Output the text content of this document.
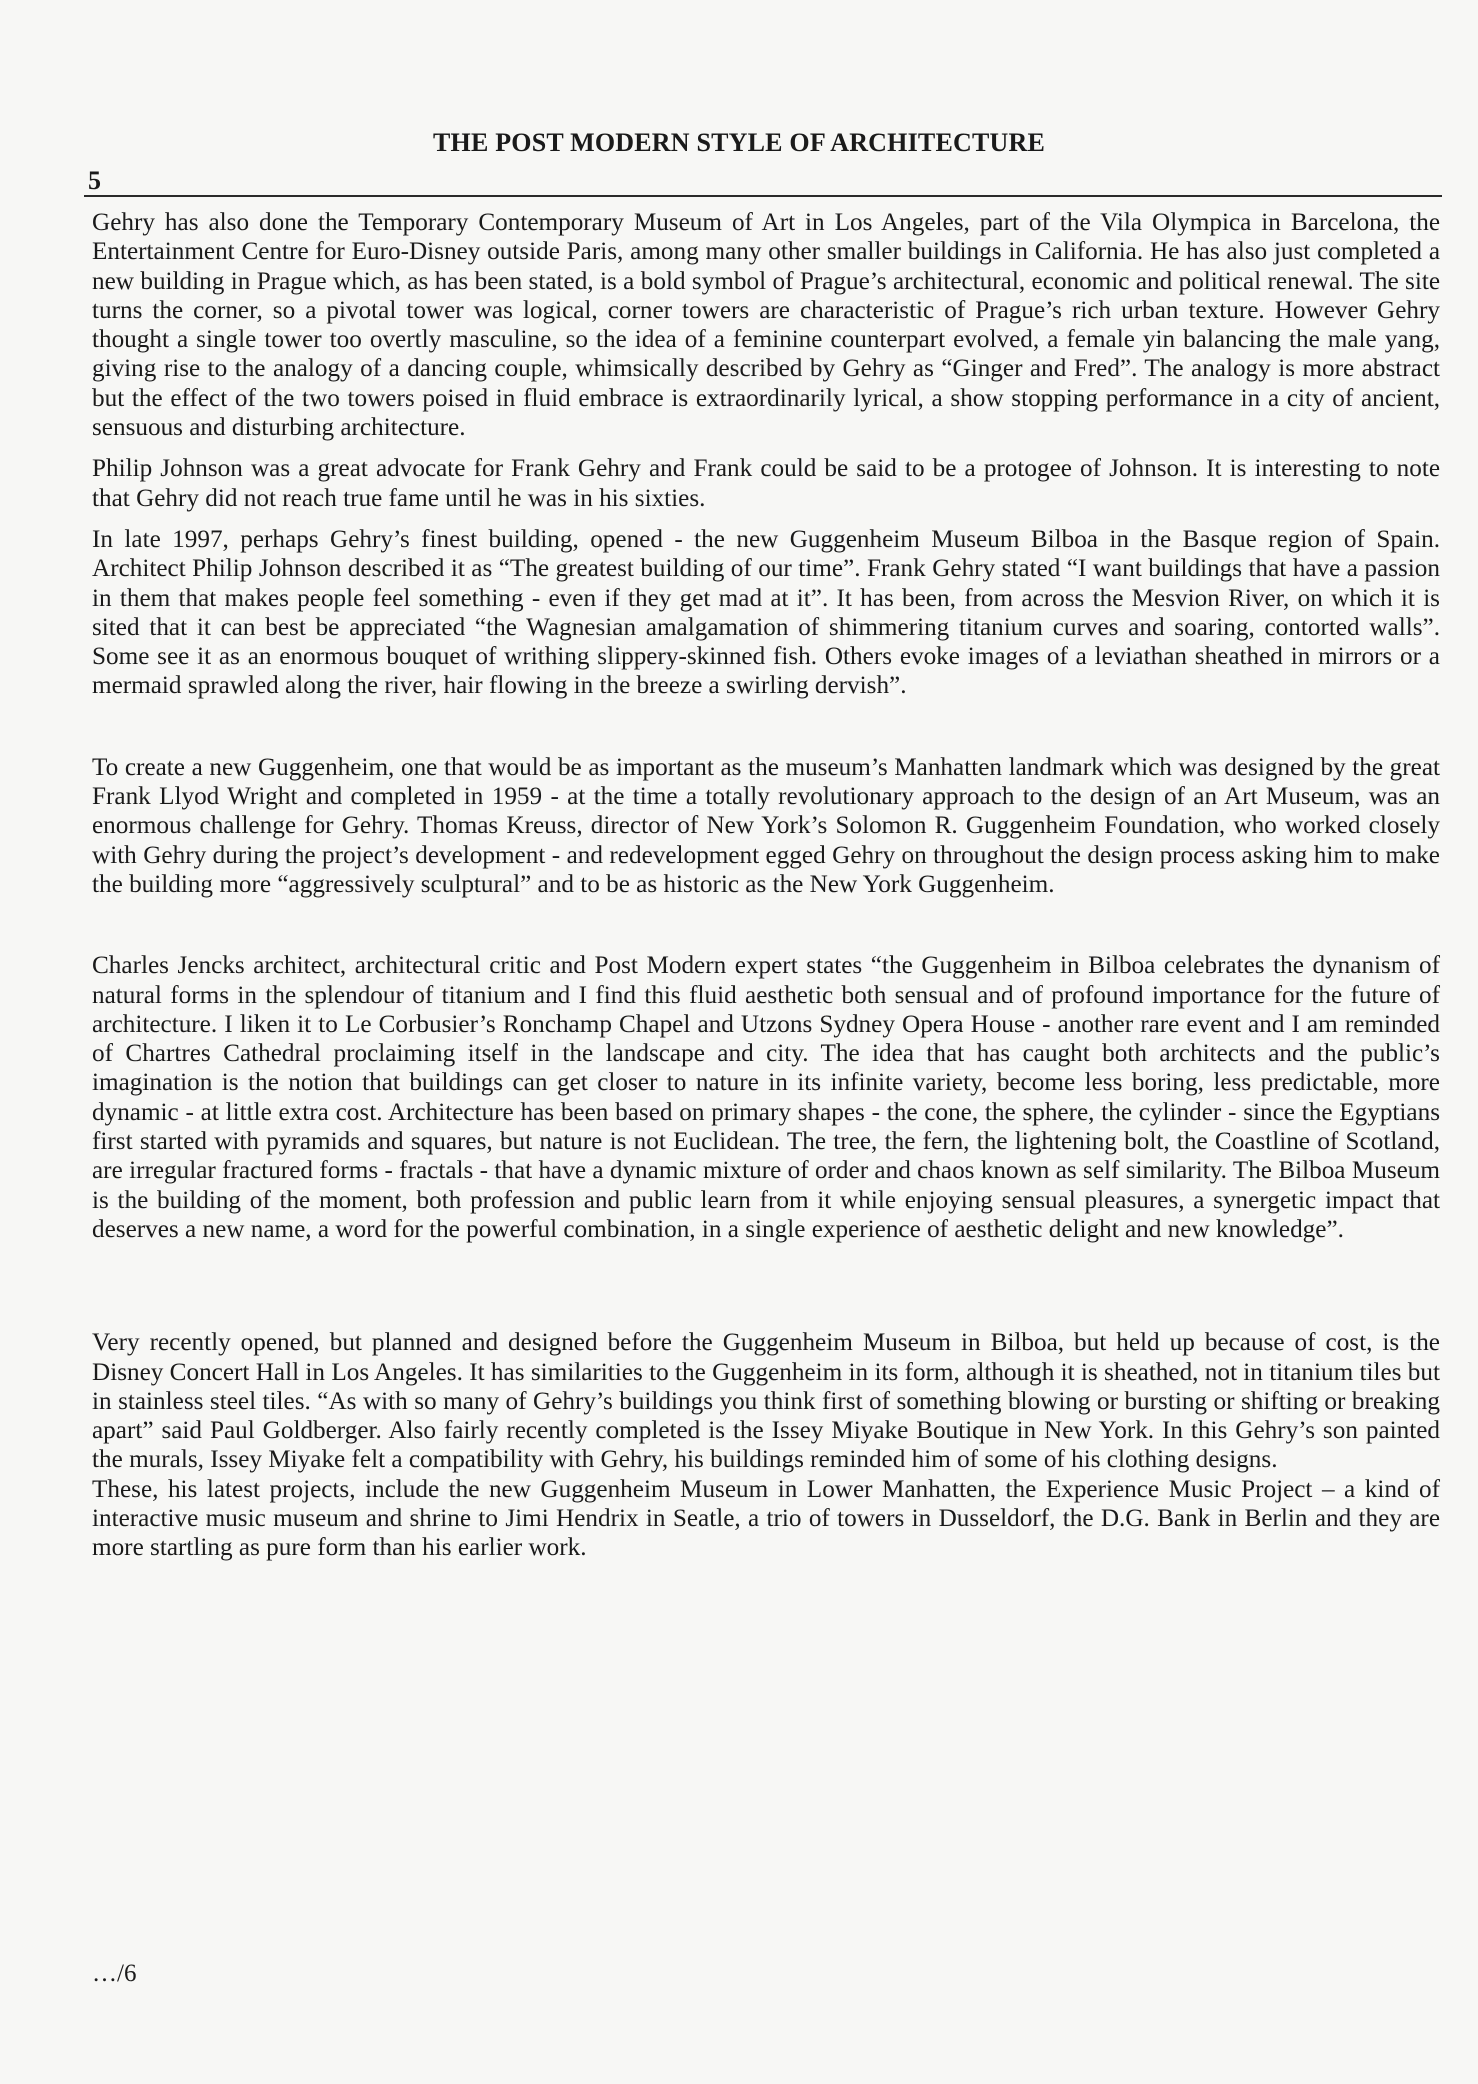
THE POST MODERN STYLE OF ARCHITECTURE
5

Gehry has also done the Temporary Contemporary Museum of Art in Los Angeles, part of the Vila Olympica in Barcelona, the Entertainment Centre for Euro-Disney outside Paris, among many other smaller buildings in California. He has also just completed a new building in Prague which, as has been stated, is a bold symbol of Prague’s architectural, economic and political renewal. The site turns the corner, so a pivotal tower was logical, corner towers are characteristic of Prague’s rich urban texture. However Gehry thought a single tower too overtly masculine, so the idea of a feminine counterpart evolved, a female yin balancing the male yang, giving rise to the analogy of a dancing couple, whimsically described by Gehry as “Ginger and Fred”. The analogy is more abstract but the effect of the two towers poised in fluid embrace is extraordinarily lyrical, a show stopping performance in a city of ancient, sensuous and disturbing architecture.

Philip Johnson was a great advocate for Frank Gehry and Frank could be said to be a protogee of Johnson. It is interesting to note that Gehry did not reach true fame until he was in his sixties.

In late 1997, perhaps Gehry’s finest building, opened - the new Guggenheim Museum Bilboa in the Basque region of Spain. Architect Philip Johnson described it as “The greatest building of our time”. Frank Gehry stated “I want buildings that have a passion in them that makes people feel something - even if they get mad at it”. It has been, from across the Mesvion River, on which it is sited that it can best be appreciated “the Wagnesian amalgamation of shimmering titanium curves and soaring, contorted walls”. Some see it as an enormous bouquet of writhing slippery-skinned fish. Others evoke images of a leviathan sheathed in mirrors or a mermaid sprawled along the river, hair flowing in the breeze a swirling dervish”.

To create a new Guggenheim, one that would be as important as the museum’s Manhatten landmark which was designed by the great Frank Llyod Wright and completed in 1959 - at the time a totally revolutionary approach to the design of an Art Museum, was an enormous challenge for Gehry. Thomas Kreuss, director of New York’s Solomon R. Guggenheim Foundation, who worked closely with Gehry during the project’s development - and redevelopment egged Gehry on throughout the design process asking him to make the building more “aggressively sculptural” and to be as historic as the New York Guggenheim.

Charles Jencks architect, architectural critic and Post Modern expert states “the Guggenheim in Bilboa celebrates the dynanism of natural forms in the splendour of titanium and I find this fluid aesthetic both sensual and of profound importance for the future of architecture. I liken it to Le Corbusier’s Ronchamp Chapel and Utzons Sydney Opera House - another rare event and I am reminded of Chartres Cathedral proclaiming itself in the landscape and city. The idea that has caught both architects and the public’s imagination is the notion that buildings can get closer to nature in its infinite variety, become less boring, less predictable, more dynamic - at little extra cost. Architecture has been based on primary shapes - the cone, the sphere, the cylinder - since the Egyptians first started with pyramids and squares, but nature is not Euclidean. The tree, the fern, the lightening bolt, the Coastline of Scotland, are irregular fractured forms - fractals - that have a dynamic mixture of order and chaos known as self similarity. The Bilboa Museum is the building of the moment, both profession and public learn from it while enjoying sensual pleasures, a synergetic impact that deserves a new name, a word for the powerful combination, in a single experience of aesthetic delight and new knowledge”.

Very recently opened, but planned and designed before the Guggenheim Museum in Bilboa, but held up because of cost, is the Disney Concert Hall in Los Angeles. It has similarities to the Guggenheim in its form, although it is sheathed, not in titanium tiles but in stainless steel tiles. “As with so many of Gehry’s buildings you think first of something blowing or bursting or shifting or breaking apart” said Paul Goldberger. Also fairly recently completed is the Issey Miyake Boutique in New York. In this Gehry’s son painted the murals, Issey Miyake felt a compatibility with Gehry, his buildings reminded him of some of his clothing designs.

These, his latest projects, include the new Guggenheim Museum in Lower Manhatten, the Experience Music Project – a kind of interactive music museum and shrine to Jimi Hendrix in Seatle, a trio of towers in Dusseldorf, the D.G. Bank in Berlin and they are more startling as pure form than his earlier work.

…/6
